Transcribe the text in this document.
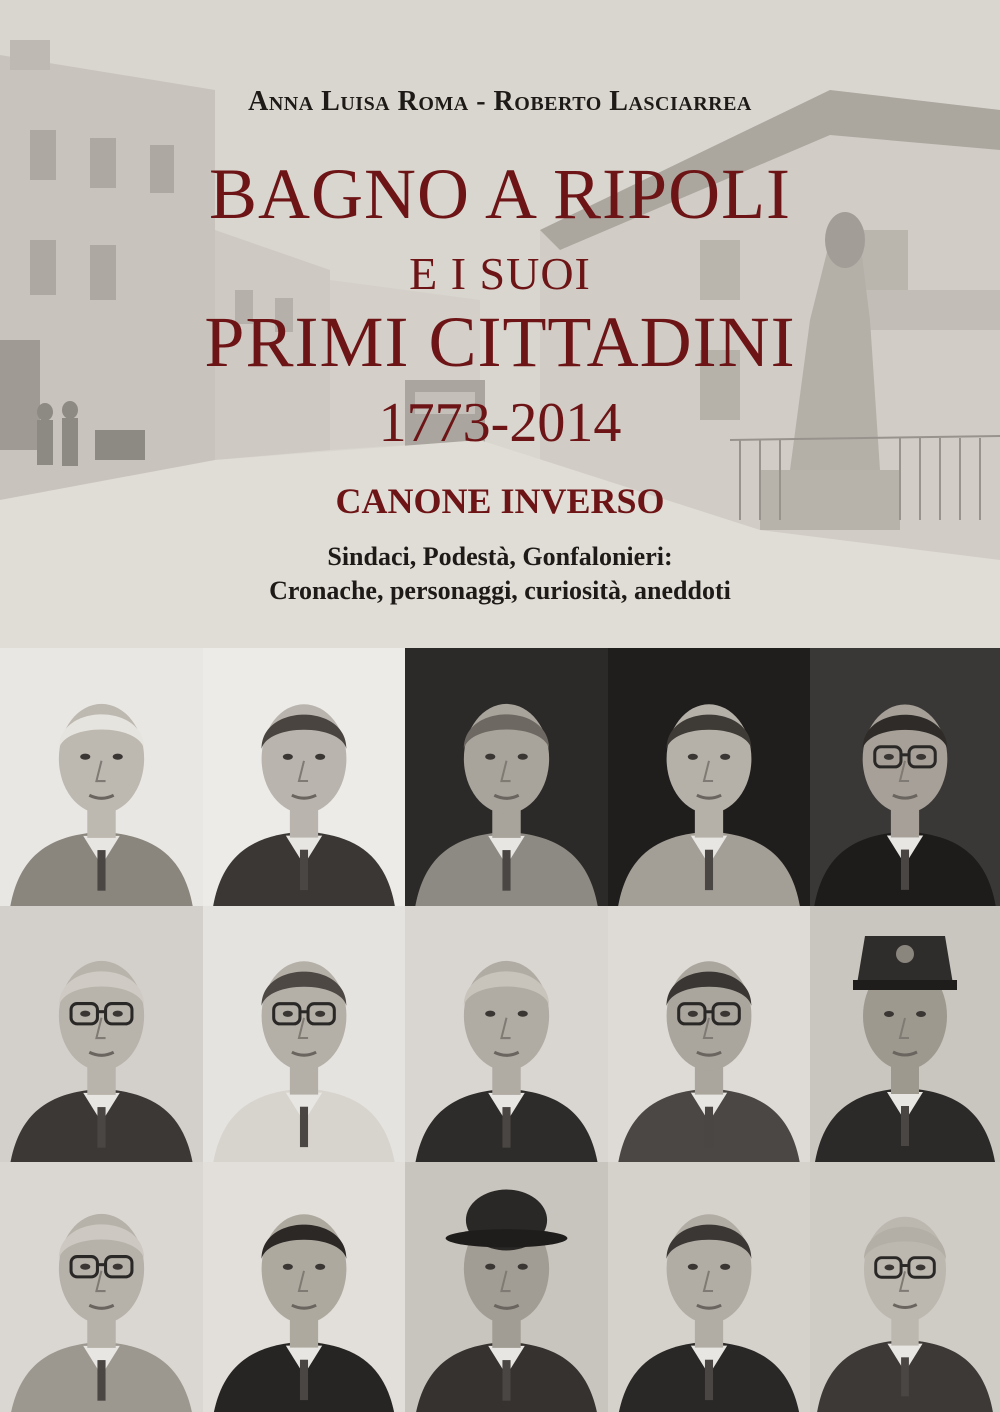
Anna Luisa Roma - Roberto Lasciarrea
BAGNO A RIPOLI
E I SUOI
PRIMI CITTADINI
1773-2014
CANONE INVERSO
Sindaci, Podestà, Gonfalonieri:
Cronache, personaggi, curiosità, aneddoti
